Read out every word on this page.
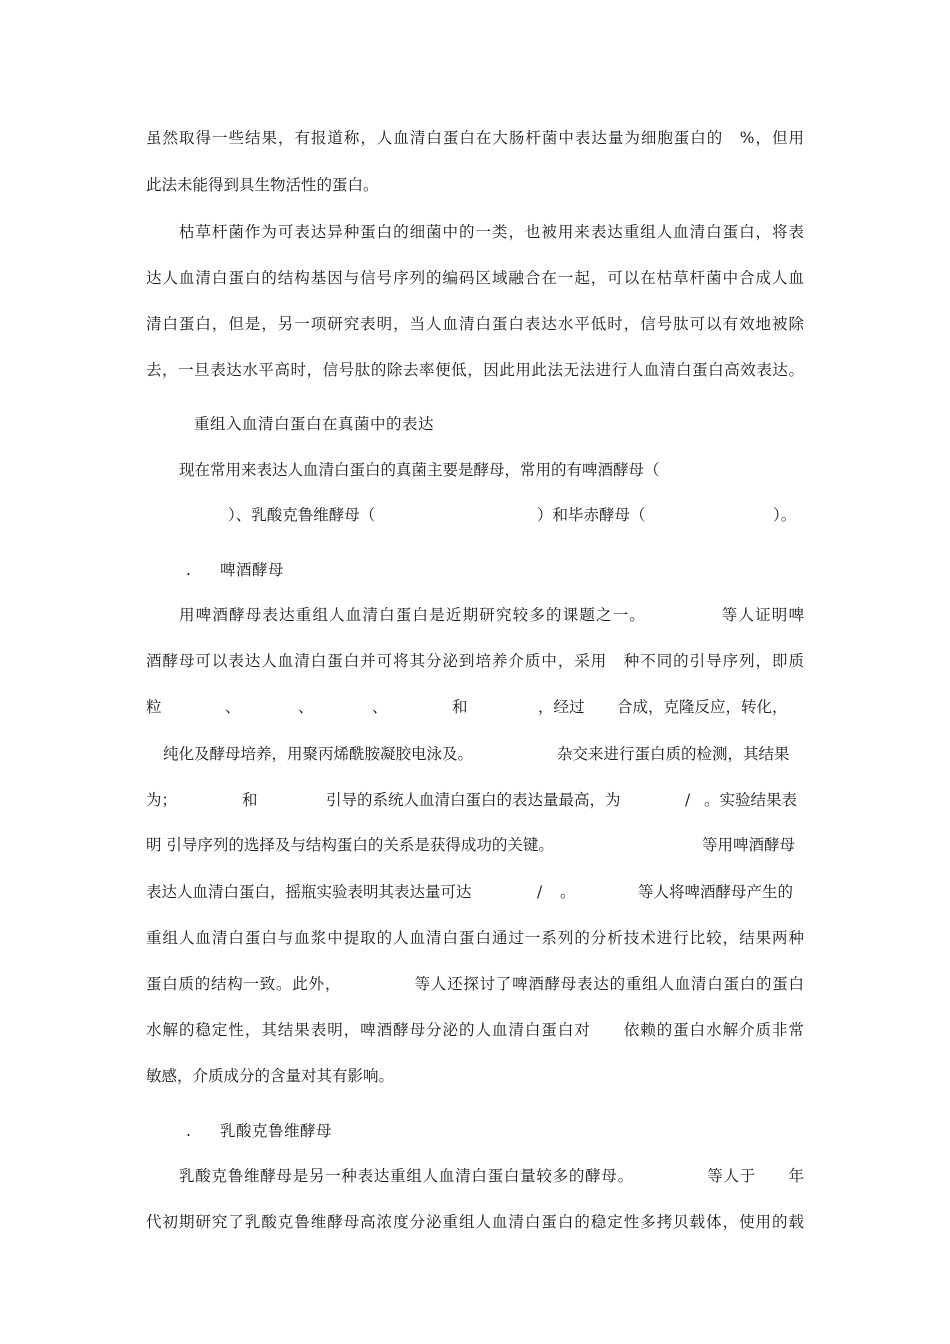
虽然取得一些结果，有报道称，人血清白蛋白在大肠杆菌中表达量为细胞蛋白的　%，但用
此法未能得到具生物活性的蛋白。
枯草杆菌作为可表达异种蛋白的细菌中的一类，也被用来表达重组人血清白蛋白，将表
达人血清白蛋白的结构基因与信号序列的编码区域融合在一起，可以在枯草杆菌中合成人血
清白蛋白，但是，另一项研究表明，当人血清白蛋白表达水平低时，信号肽可以有效地被除
去，一旦表达水平高时，信号肽的除去率便低，因此用此法无法进行人血清白蛋白高效表达。
重组入血清白蛋白在真菌中的表达
现在常用来表达人血清白蛋白的真菌主要是酵母，常用的有啤酒酵母（
）、乳酸克鲁维酵母（	）和毕赤酵母（	）。
. 啤酒酵母
用啤酒酵母表达重组人血清白蛋白是近期研究较多的课题之一。　　　　　等人证明啤
酒酵母可以表达人血清白蛋白并可将其分泌到培养介质中，采用　种不同的引导序列，即质
粒	、	、	、	和	，经过 合成，克隆反应，转化，
纯化及酵母培养，用聚丙烯酰胺凝胶电泳及。	杂交来进行蛋白质的检测，其结果
为；	和	引导的系统人血清白蛋白的表达量最高，为	/ 。实验结果表
明 引导序列的选择及与结构蛋白的关系是获得成功的关键。	等用啤酒酵母
表达人血清白蛋白，摇瓶实验表明其表达量可达	/ 。	等人将啤酒酵母产生的
重组人血清白蛋白与血浆中提取的人血清白蛋白通过一系列的分析技术进行比较，结果两种
蛋白质的结构一致。此外，　　　　　等人还探讨了啤酒酵母表达的重组人血清白蛋白的蛋白
水解的稳定性，其结果表明，啤酒酵母分泌的人血清白蛋白对　　依赖的蛋白水解介质非常
敏感，介质成分的含量对其有影响。
. 乳酸克鲁维酵母
乳酸克鲁维酵母是另一种表达重组人血清白蛋白量较多的酵母。　　　　　等人于　　年
代初期研究了乳酸克鲁维酵母高浓度分泌重组人血清白蛋白的稳定性多拷贝载体，使用的载
